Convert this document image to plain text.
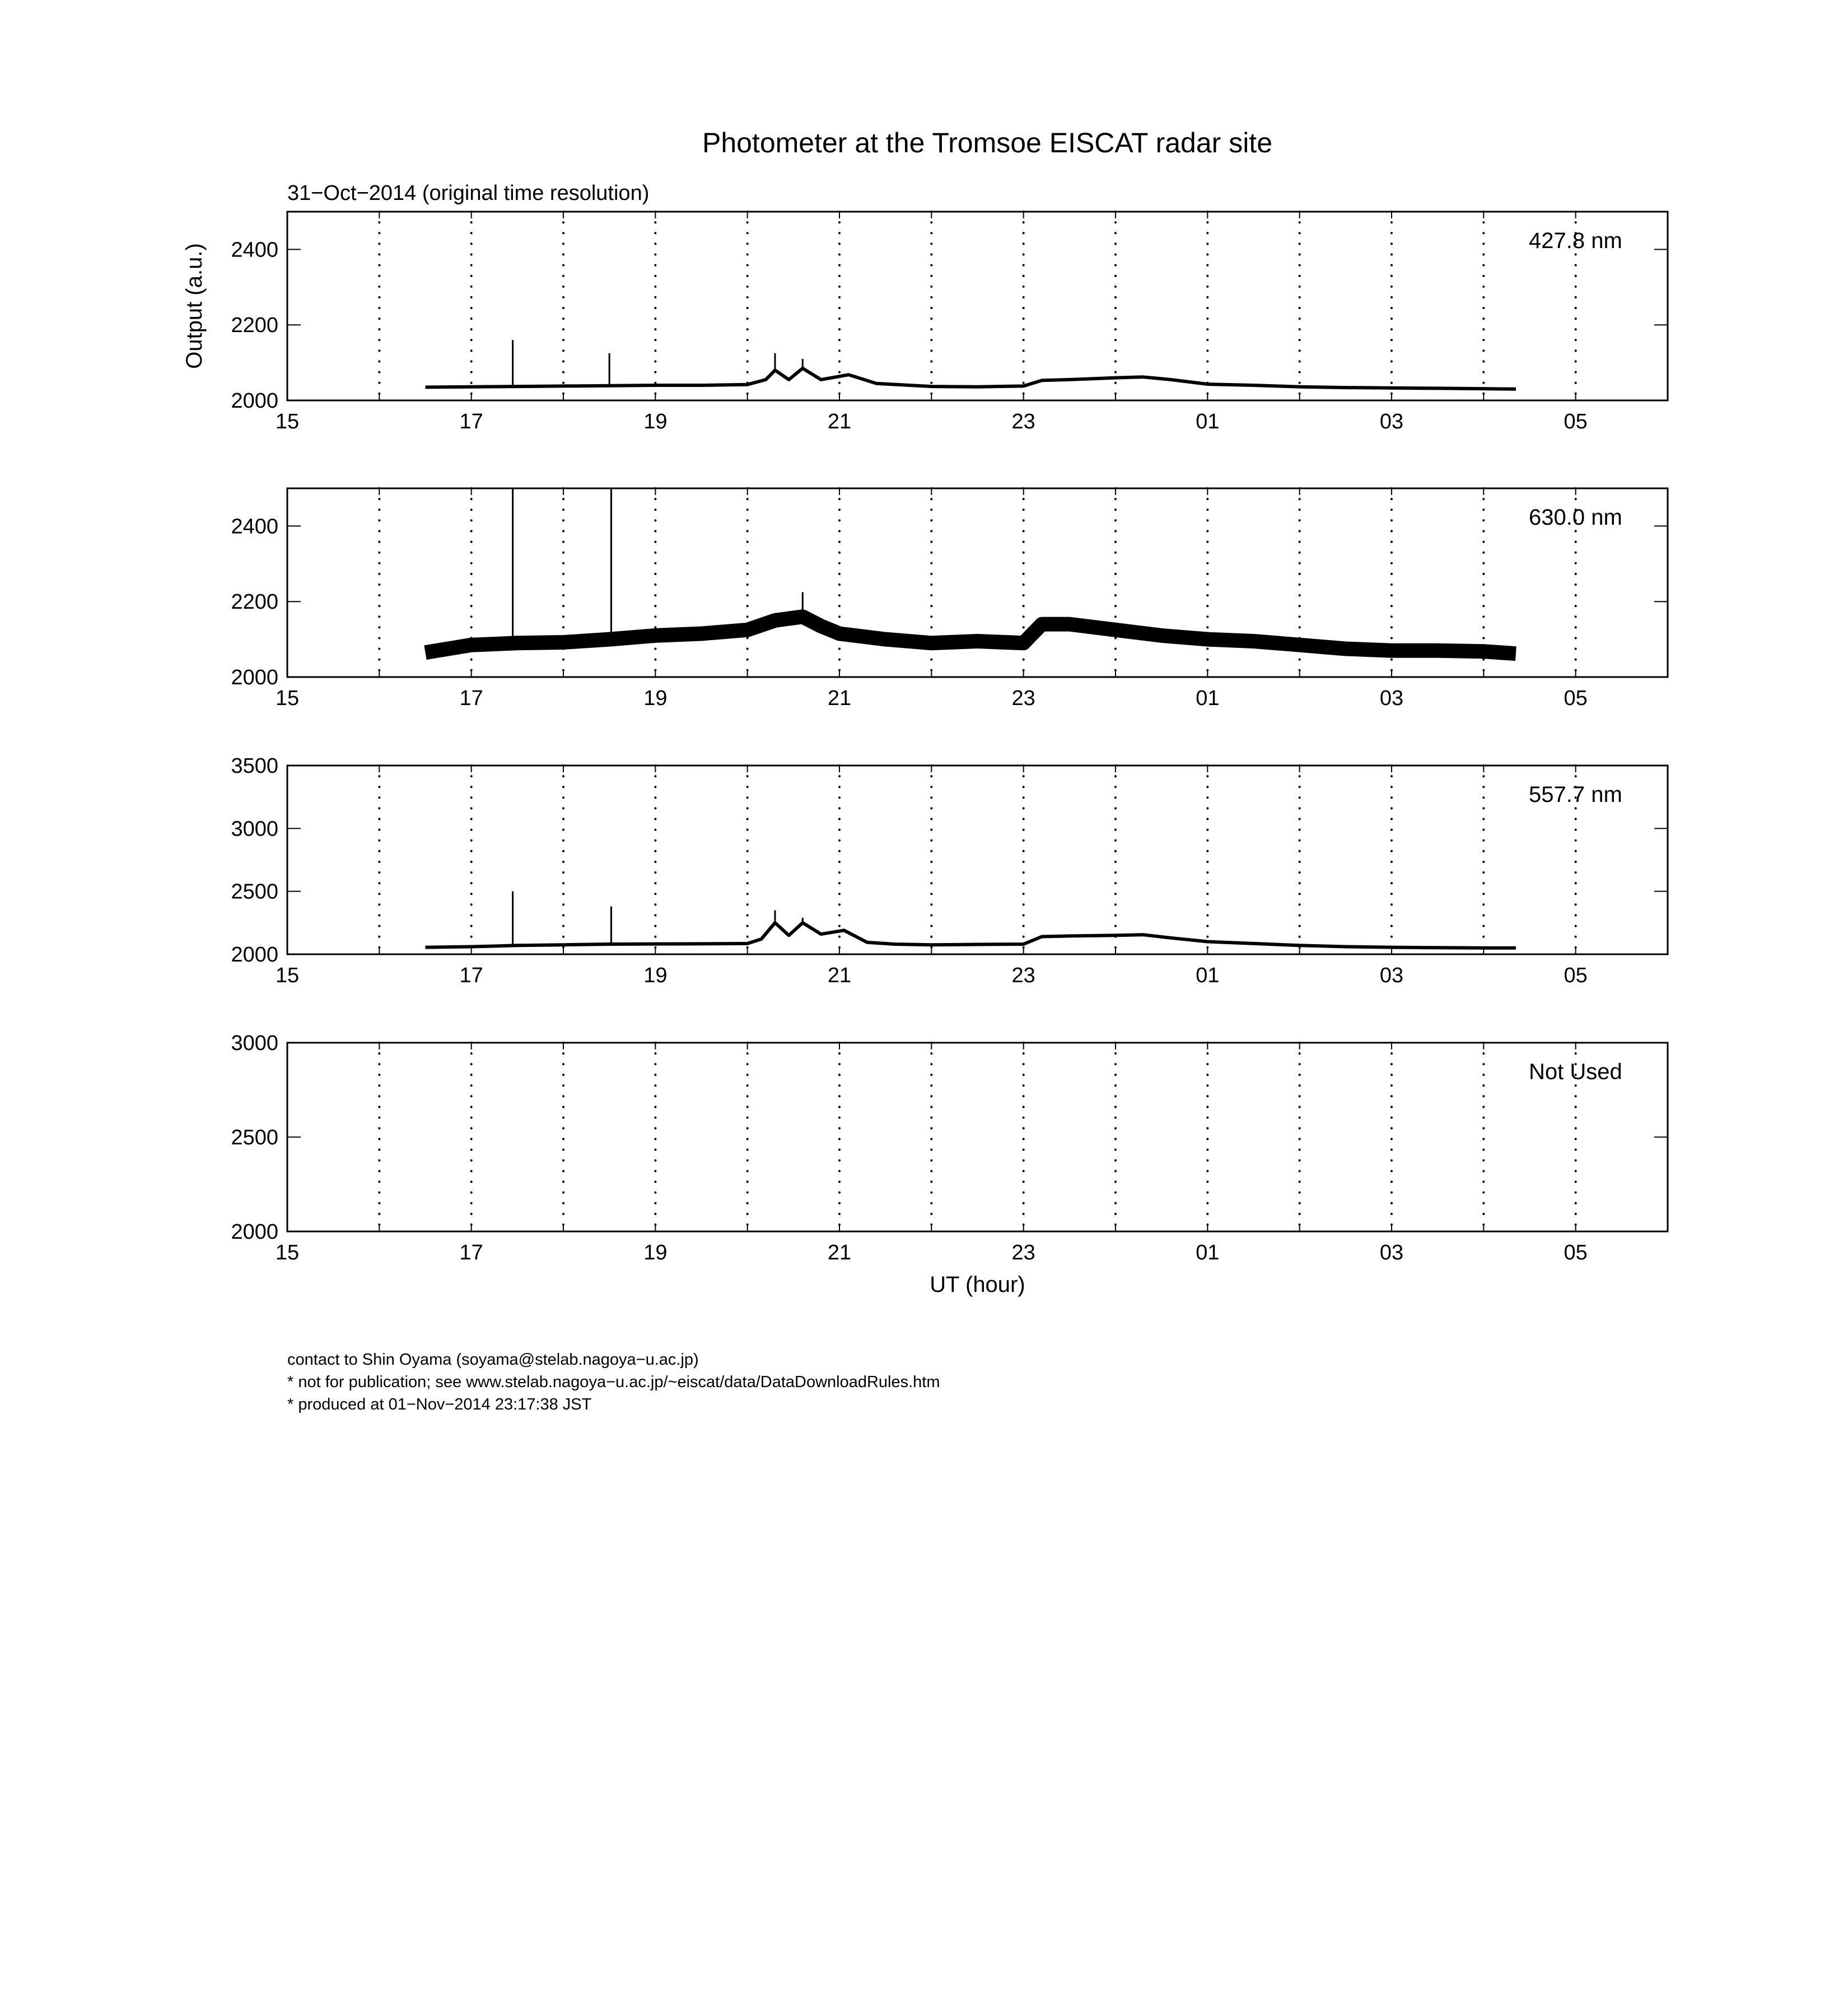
Photometer at the Tromsoe EISCAT radar site
31−Oct−2014 (original time resolution)
15	17	19	21	23	01	03	05
2000
2200
2400	427.8 nm
Output (a.u.)
15	17	19	21	23	01	03	05
2000
2200
2400	630.0 nm
15	17	19	21	23	01	03	05
2000
2500
3000
3500
557.7 nm
15	17	19	21	23	01	03	05
2000
2500
3000
Not Used
UT (hour)
contact to Shin Oyama (soyama@stelab.nagoya−u.ac.jp)
* not for publication; see www.stelab.nagoya−u.ac.jp/~eiscat/data/DataDownloadRules.htm
* produced at 01−Nov−2014 23:17:38 JST
